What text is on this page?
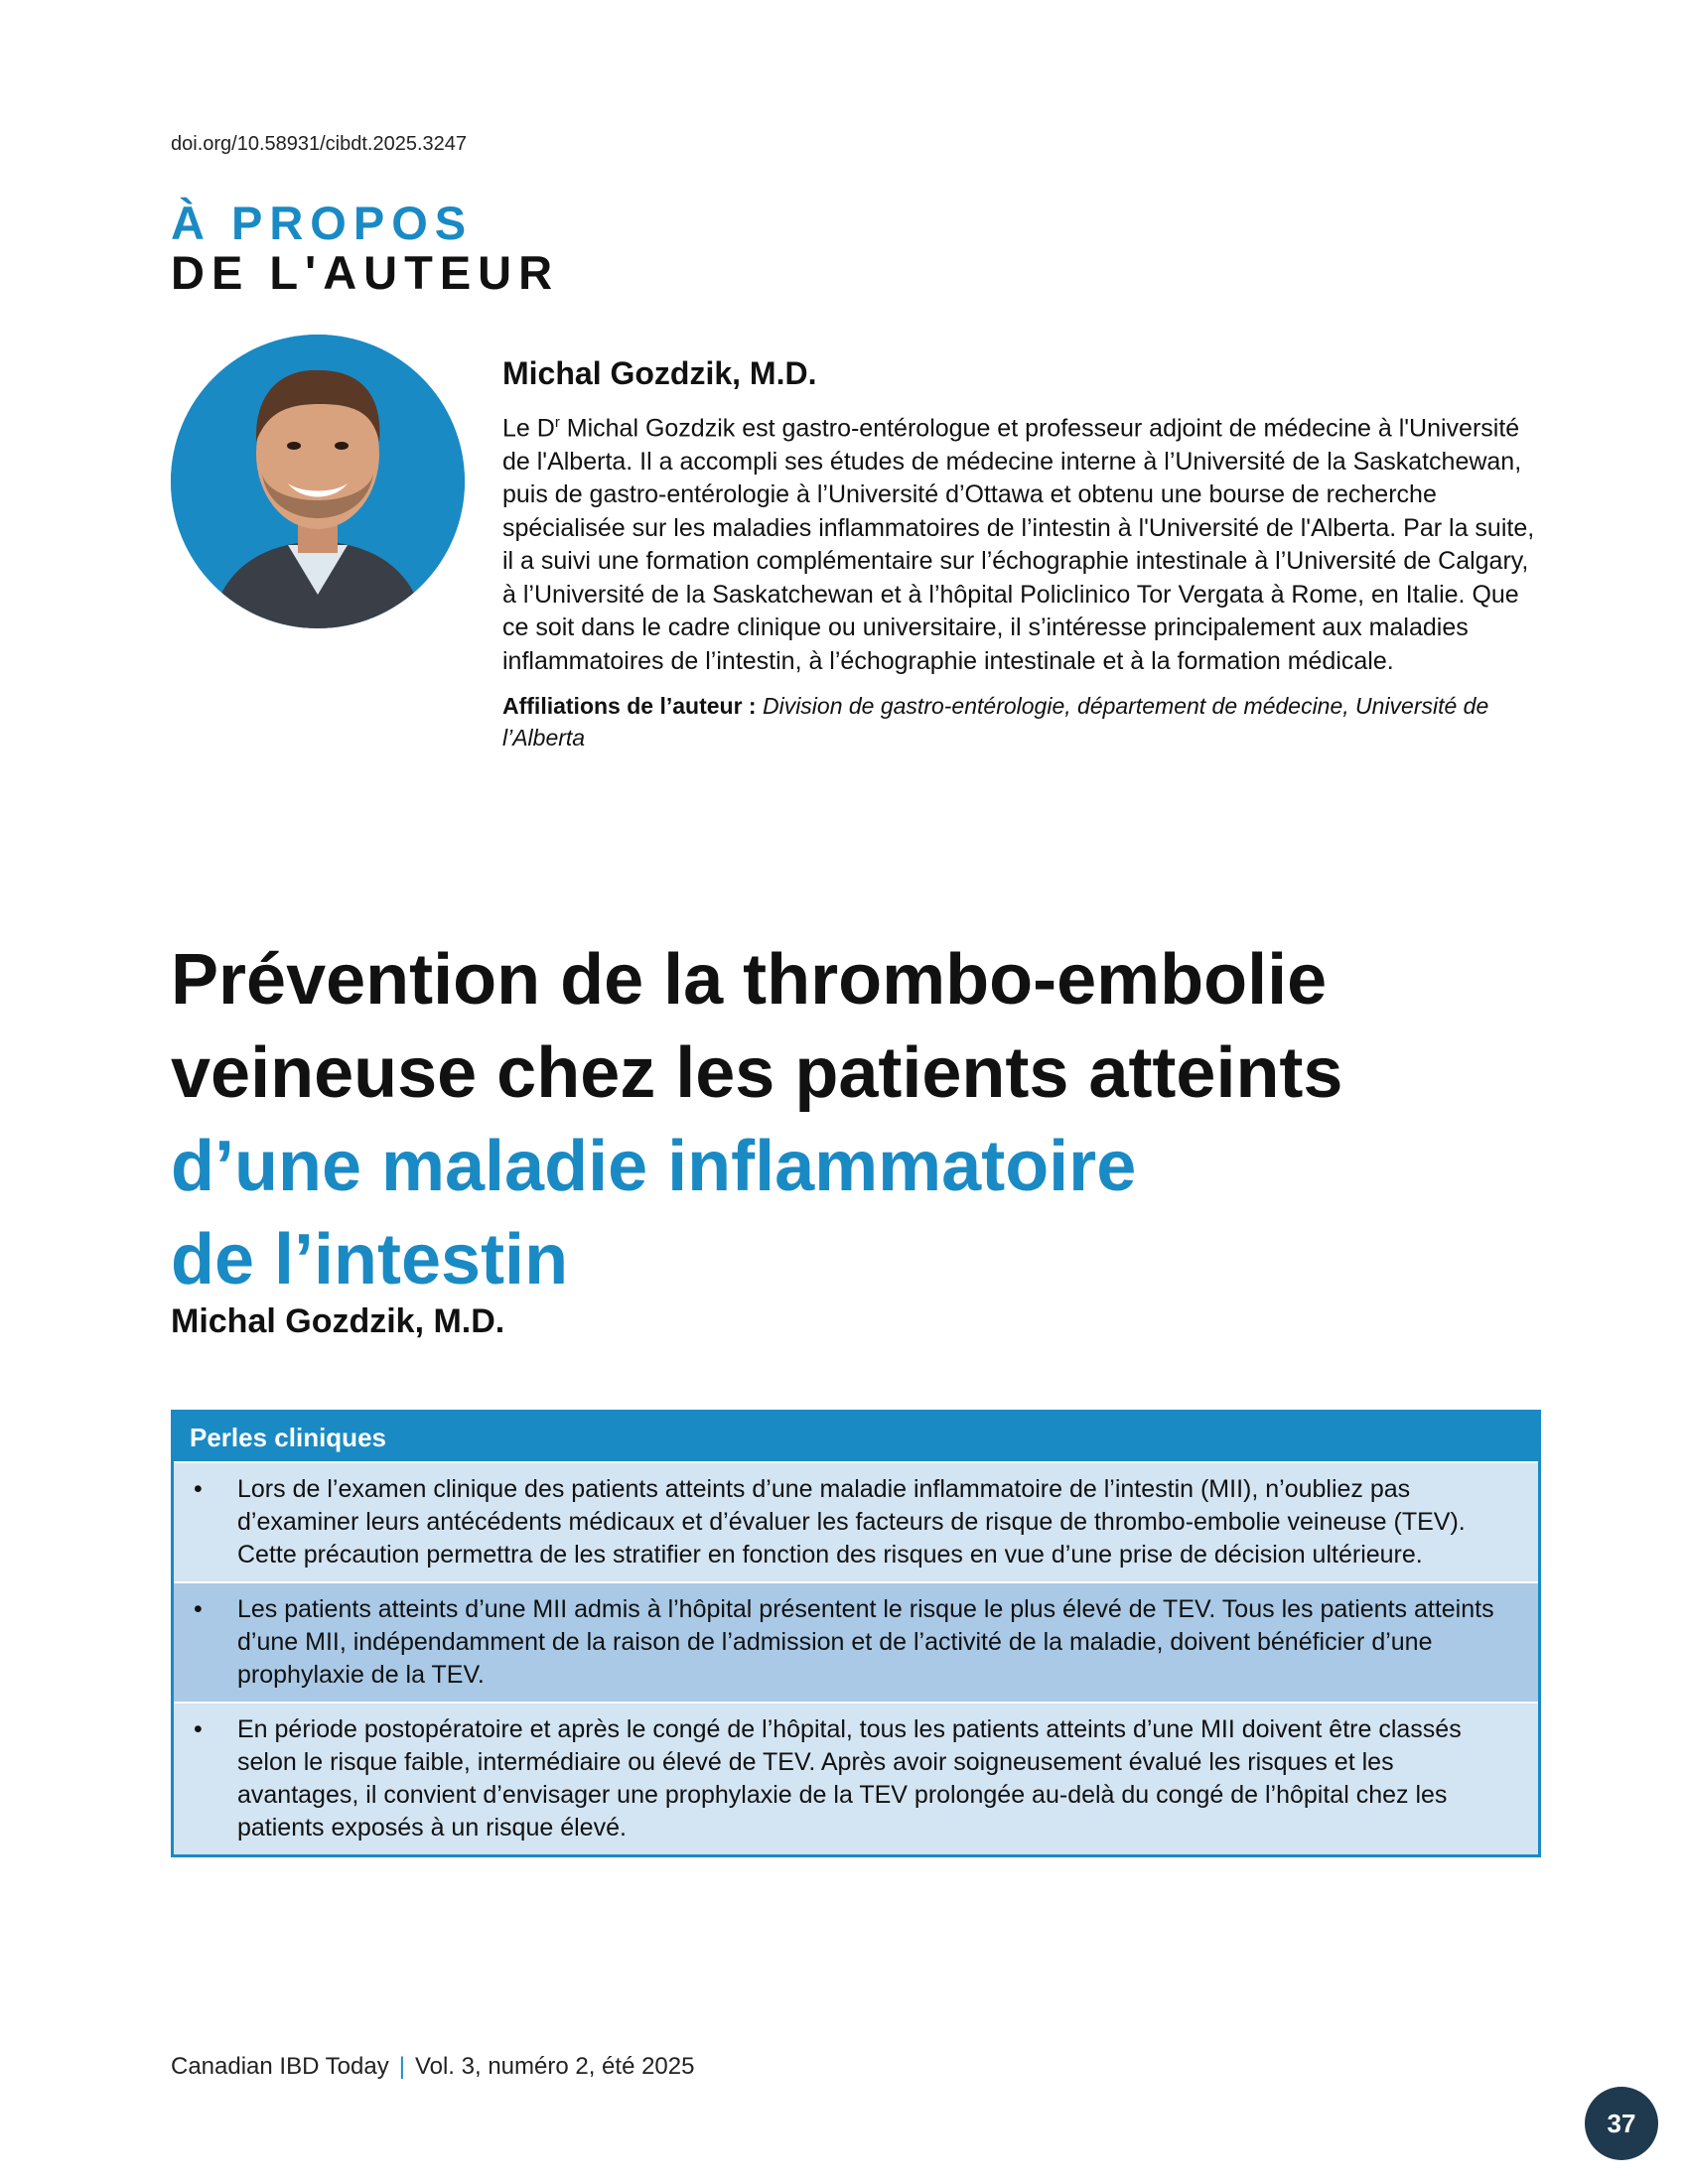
doi.org/10.58931/cibdt.2025.3247
À PROPOS
DE L'AUTEUR
Michal Gozdzik, M.D.

Le $D^r$ Michal Gozdzik est gastro-entérologue et professeur adjoint de médecine à l'Université de l'Alberta. Il a accompli ses études de médecine interne à l’Université de la Saskatchewan, puis de gastro-entérologie à l’Université d’Ottawa et obtenu une bourse de recherche spécialisée sur les maladies inflammatoires de l’intestin à l'Université de l'Alberta. Par la suite, il a suivi une formation complémentaire sur l’échographie intestinale à l’Université de Calgary, à l’Université de la Saskatchewan et à l’hôpital Policlinico Tor Vergata à Rome, en Italie. Que ce soit dans le cadre clinique ou universitaire, il s’intéresse principalement aux maladies inflammatoires de l’intestin, à l’échographie intestinale et à la formation médicale.

Affiliations de l’auteur : Division de gastro-entérologie, département de médecine, Université de l’Alberta
Prévention de la thrombo-embolie
veineuse chez les patients atteints
d’une maladie inflammatoire
de l’intestin
Michal Gozdzik, M.D.
Perles cliniques
• Lors de l’examen clinique des patients atteints d’une maladie inflammatoire de l’intestin (MII), n’oubliez pas d’examiner leurs antécédents médicaux et d’évaluer les facteurs de risque de thrombo-embolie veineuse (TEV). Cette précaution permettra de les stratifier en fonction des risques en vue d’une prise de décision ultérieure.
• Les patients atteints d’une MII admis à l’hôpital présentent le risque le plus élevé de TEV. Tous les patients atteints d’une MII, indépendamment de la raison de l’admission et de l’activité de la maladie, doivent bénéficier d’une prophylaxie de la TEV.
• En période postopératoire et après le congé de l’hôpital, tous les patients atteints d’une MII doivent être classés selon le risque faible, intermédiaire ou élevé de TEV. Après avoir soigneusement évalué les risques et les avantages, il convient d’envisager une prophylaxie de la TEV prolongée au-delà du congé de l’hôpital chez les patients exposés à un risque élevé.
Canadian IBD Today | Vol. 3, numéro 2, été 2025
37
